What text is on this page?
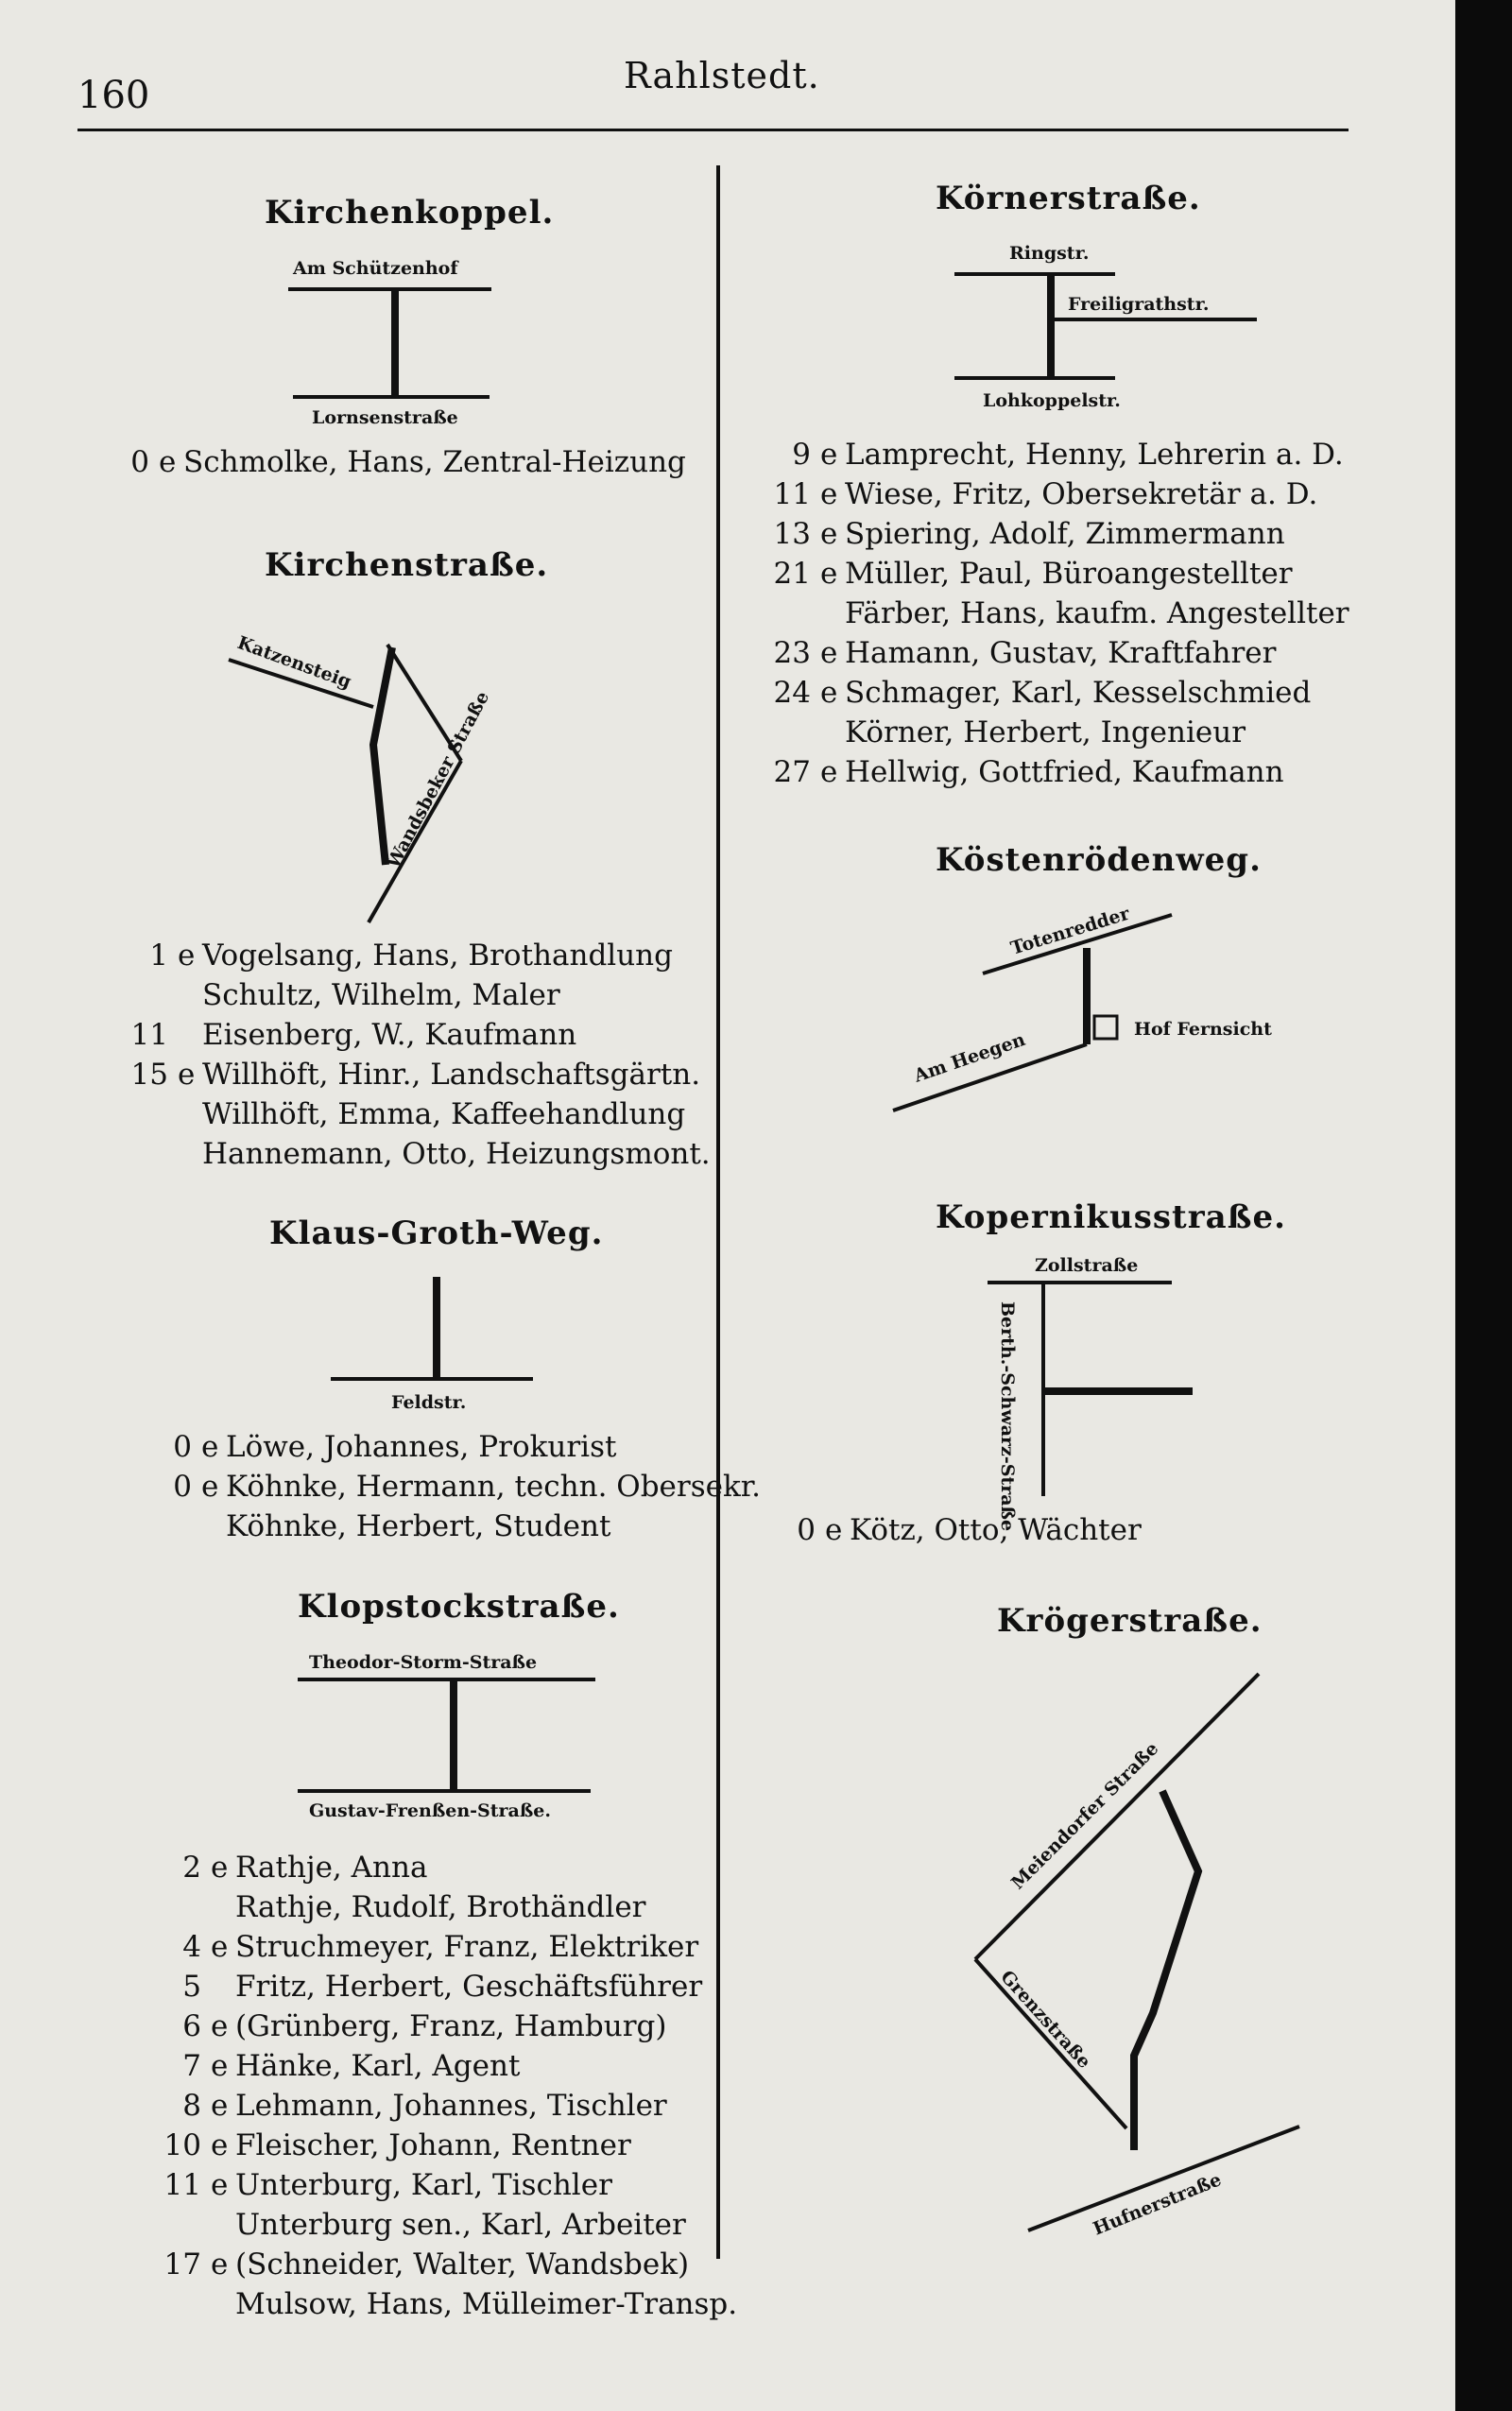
160	Rahlstedt.
Kirchenkoppel.
Am Schützenhof
Lornsenstraße
0 e Schmolke, Hans, Zentral-Heizung
Kirchenstraße.
Katzensteig
Wandsbeker Straße
1 e Vogelsang, Hans, Brothandlung
Schultz, Wilhelm, Maler
11 Eisenberg, W., Kaufmann
15 e Willhöft, Hinr., Landschaftsgärtn.
Willhöft, Emma, Kaffeehandlung
Hannemann, Otto, Heizungsmont.
Klaus-Groth-Weg.
Feldstr.
0 e Löwe, Johannes, Prokurist
0 e Köhnke, Hermann, techn. Obersekr.
Köhnke, Herbert, Student
Klopstockstraße.
Theodor-Storm-Straße
Gustav-Frenßen-Straße.
2 e Rathje, Anna
Rathje, Rudolf, Brothändler
4 e Struchmeyer, Franz, Elektriker
5 Fritz, Herbert, Geschäftsführer
6 e (Grünberg, Franz, Hamburg)
7 e Hänke, Karl, Agent
8 e Lehmann, Johannes, Tischler
10 e Fleischer, Johann, Rentner
11 e Unterburg, Karl, Tischler
Unterburg sen., Karl, Arbeiter
17 e (Schneider, Walter, Wandsbek)
Mulsow, Hans, Mülleimer-Transp.
Körnerstraße.
Ringstr.
Freiligrathstr.
Lohkoppelstr.
9 e Lamprecht, Henny, Lehrerin a. D.
11 e Wiese, Fritz, Obersekretär a. D.
13 e Spiering, Adolf, Zimmermann
21 e Müller, Paul, Büroangestellter
Färber, Hans, kaufm. Angestellter
23 e Hamann, Gustav, Kraftfahrer
24 e Schmager, Karl, Kesselschmied
Körner, Herbert, Ingenieur
27 e Hellwig, Gottfried, Kaufmann
Köstenrödenweg.
Totenredder
Am Heegen	Hof Fernsicht
Kopernikusstraße.
Zollstraße
Berth.-Schwarz-Straße
0 e Kötz, Otto, Wächter
Krögerstraße.
Meiendorfer Straße
Grenzstraße
Hufnerstraße
